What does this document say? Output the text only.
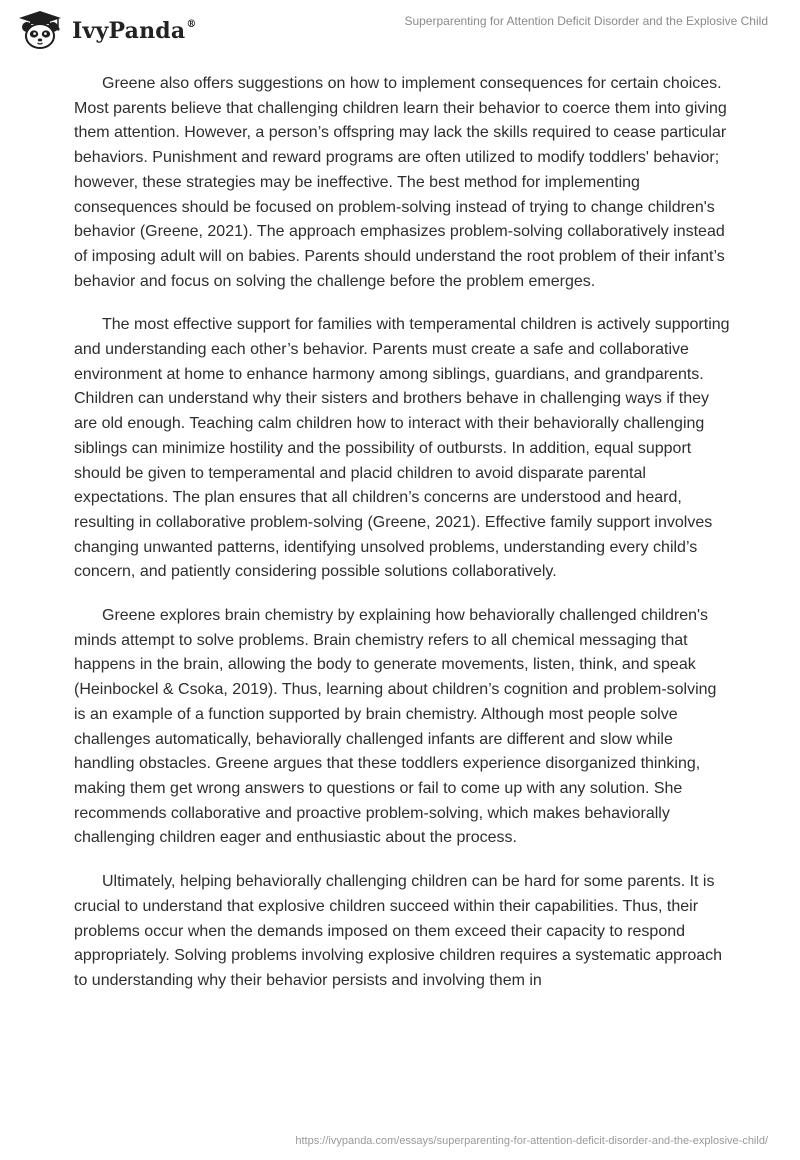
IvyPanda®	Superparenting for Attention Deficit Disorder and the Explosive Child

Greene also offers suggestions on how to implement consequences for certain choices. Most parents believe that challenging children learn their behavior to coerce them into giving them attention. However, a person’s offspring may lack the skills required to cease particular behaviors. Punishment and reward programs are often utilized to modify toddlers' behavior; however, these strategies may be ineffective. The best method for implementing consequences should be focused on problem-solving instead of trying to change children's behavior (Greene, 2021). The approach emphasizes problem-solving collaboratively instead of imposing adult will on babies. Parents should understand the root problem of their infant’s behavior and focus on solving the challenge before the problem emerges.

The most effective support for families with temperamental children is actively supporting and understanding each other’s behavior. Parents must create a safe and collaborative environment at home to enhance harmony among siblings, guardians, and grandparents. Children can understand why their sisters and brothers behave in challenging ways if they are old enough. Teaching calm children how to interact with their behaviorally challenging siblings can minimize hostility and the possibility of outbursts. In addition, equal support should be given to temperamental and placid children to avoid disparate parental expectations. The plan ensures that all children’s concerns are understood and heard, resulting in collaborative problem-solving (Greene, 2021). Effective family support involves changing unwanted patterns, identifying unsolved problems, understanding every child’s concern, and patiently considering possible solutions collaboratively.

Greene explores brain chemistry by explaining how behaviorally challenged children's minds attempt to solve problems. Brain chemistry refers to all chemical messaging that happens in the brain, allowing the body to generate movements, listen, think, and speak (Heinbockel & Csoka, 2019). Thus, learning about children’s cognition and problem-solving is an example of a function supported by brain chemistry. Although most people solve challenges automatically, behaviorally challenged infants are different and slow while handling obstacles. Greene argues that these toddlers experience disorganized thinking, making them get wrong answers to questions or fail to come up with any solution. She recommends collaborative and proactive problem-solving, which makes behaviorally challenging children eager and enthusiastic about the process.

Ultimately, helping behaviorally challenging children can be hard for some parents. It is crucial to understand that explosive children succeed within their capabilities. Thus, their problems occur when the demands imposed on them exceed their capacity to respond appropriately. Solving problems involving explosive children requires a systematic approach to understanding why their behavior persists and involving them in

https://ivypanda.com/essays/superparenting-for-attention-deficit-disorder-and-the-explosive-child/
